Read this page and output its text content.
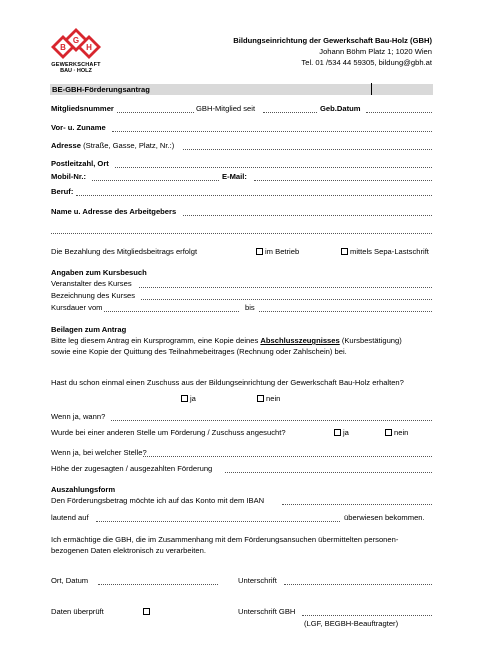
G
B	H
GEWERKSCHAFT
BAU · HOLZ
Bildungseinrichtung der Gewerkschaft Bau-Holz (GBH)
Johann Böhm Platz 1; 1020 Wien
Tel. 01 /534 44 59305, bildung@gbh.at
BE-GBH-Förderungsantrag
Mitgliedsnummer	GBH-Mitglied seit	Geb.Datum
Vor- u. Zuname
Adresse (Straße, Gasse, Platz, Nr.:)
Postleitzahl, Ort
Mobil-Nr.:	E-Mail:
Beruf:
Name u. Adresse des Arbeitgebers
Die Bezahlung des Mitgliedsbeitrags erfolgt	im Betrieb	mittels Sepa-Lastschrift
Angaben zum Kursbesuch
Veranstalter des Kurses
Bezeichnung des Kurses
Kursdauer vom	bis
Beilagen zum Antrag
Bitte leg diesem Antrag ein Kursprogramm, eine Kopie deines Abschlusszeugnisses (Kursbestätigung)
sowie eine Kopie der Quittung des Teilnahmebeitrages (Rechnung oder Zahlschein) bei.
Hast du schon einmal einen Zuschuss aus der Bildungseinrichtung der Gewerkschaft Bau-Holz erhalten?
ja	nein
Wenn ja, wann?
Wurde bei einer anderen Stelle um Förderung / Zuschuss angesucht?	ja	nein
Wenn ja, bei welcher Stelle?
Höhe der zugesagten / ausgezahlten Förderung
Auszahlungsform
Den Förderungsbetrag möchte ich auf das Konto mit dem IBAN
lautend auf	überwiesen bekommen.
Ich ermächtige die GBH, die im Zusammenhang mit dem Förderungsansuchen übermittelten personen-
bezogenen Daten elektronisch zu verarbeiten.
Ort, Datum	Unterschrift
Daten überprüft	Unterschrift GBH
(LGF, BEGBH-Beauftragter)
